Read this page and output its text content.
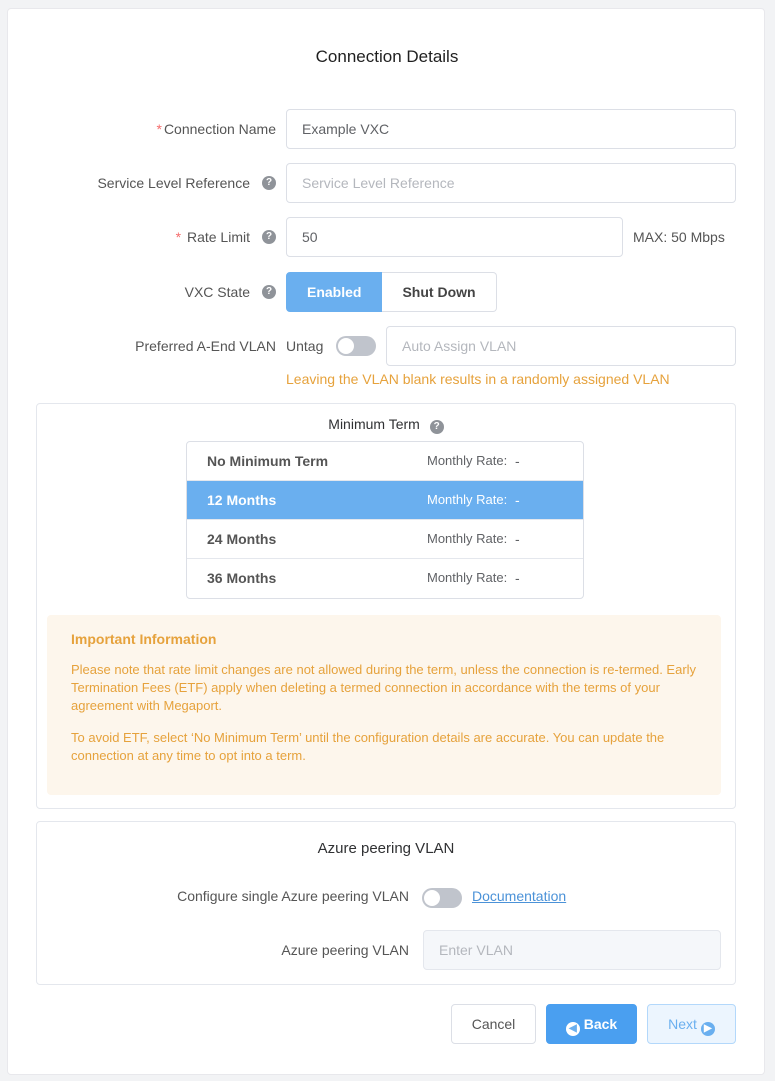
Connection Details
* Connection Name	Example VXC
Service Level Reference	?	Service Level Reference
* Rate Limit	?	50	MAX: 50 Mbps
VXC State	?	Enabled	Shut Down
Preferred A-End VLAN Untag	Auto Assign VLAN
Leaving the VLAN blank results in a randomly assigned VLAN
Minimum Term ?
No Minimum Term	Monthly Rate: -
12 Months	Monthly Rate: -
24 Months	Monthly Rate: -
36 Months	Monthly Rate: -
Important Information

Please note that rate limit changes are not allowed during the term, unless the connection is re-termed. Early Termination Fees (ETF) apply when deleting a termed connection in accordance with the terms of your agreement with Megaport.

To avoid ETF, select ‘No Minimum Term’ until the configuration details are accurate. You can update the connection at any time to opt into a term.

Azure peering VLAN
Configure single Azure peering VLAN	Documentation
Azure peering VLAN	Enter VLAN
Cancel	◀ Back	Next ▶
